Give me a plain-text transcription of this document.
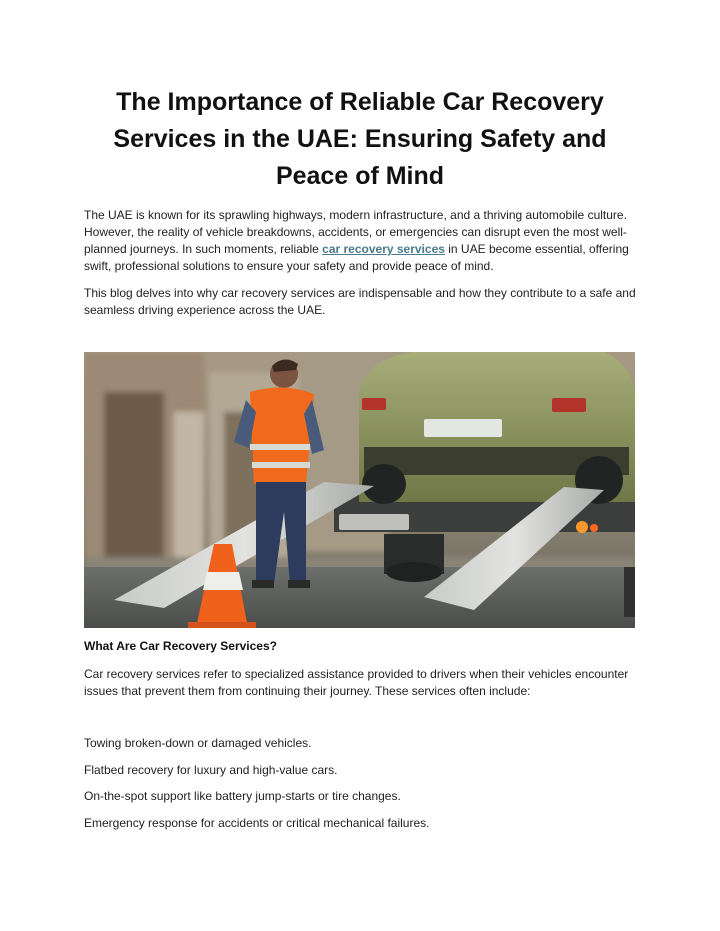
The Importance of Reliable Car Recovery Services in the UAE: Ensuring Safety and Peace of Mind

The UAE is known for its sprawling highways, modern infrastructure, and a thriving automobile culture. However, the reality of vehicle breakdowns, accidents, or emergencies can disrupt even the most well-planned journeys. In such moments, reliable car recovery services in UAE become essential, offering swift, professional solutions to ensure your safety and provide peace of mind.

This blog delves into why car recovery services are indispensable and how they contribute to a safe and seamless driving experience across the UAE.

What Are Car Recovery Services?

Car recovery services refer to specialized assistance provided to drivers when their vehicles encounter issues that prevent them from continuing their journey. These services often include:

Towing broken-down or damaged vehicles.
Flatbed recovery for luxury and high-value cars.
On-the-spot support like battery jump-starts or tire changes.
Emergency response for accidents or critical mechanical failures.
